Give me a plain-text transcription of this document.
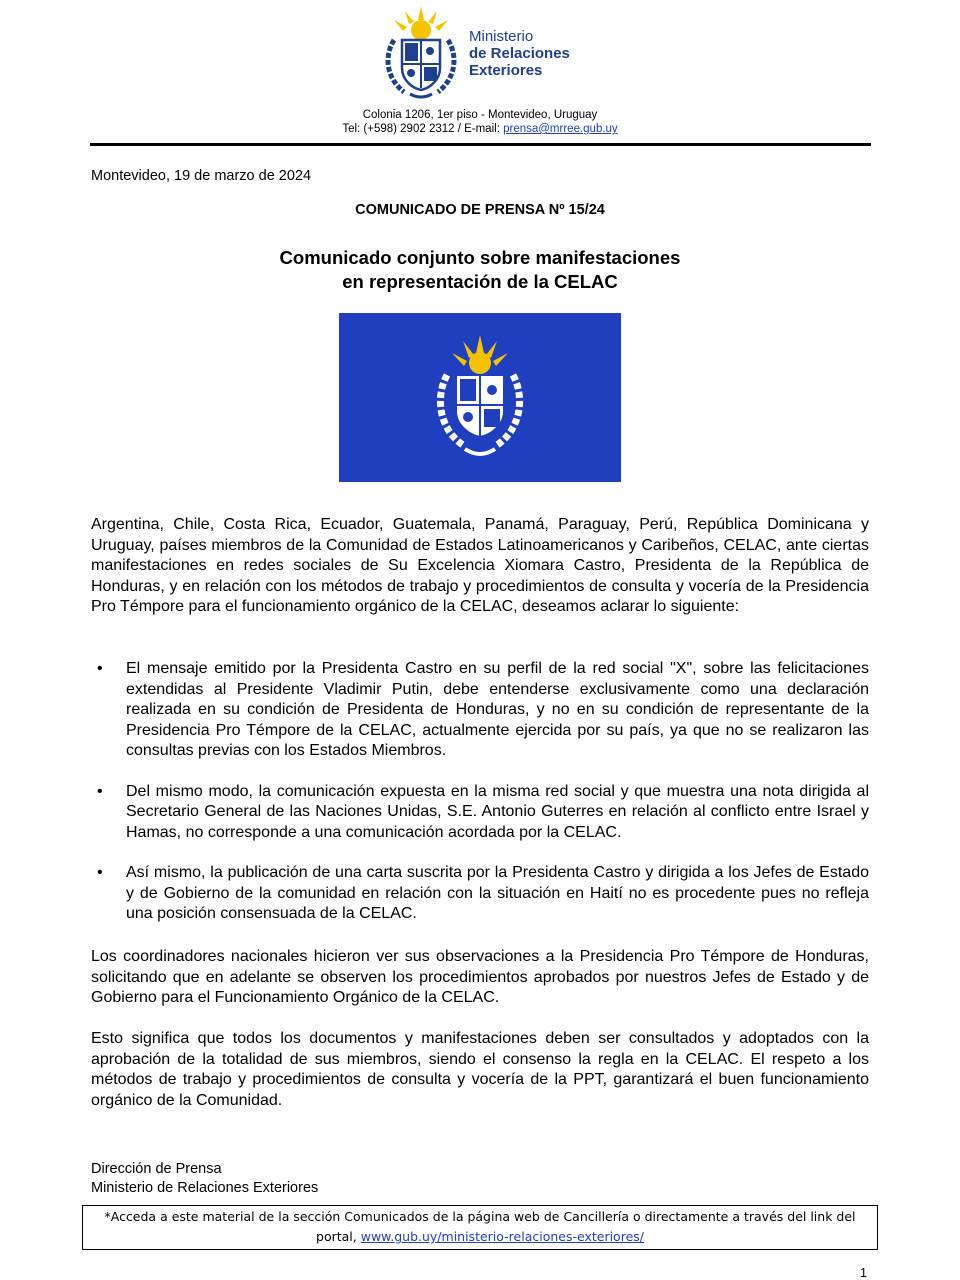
Ministerio
de Relaciones
Exteriores
Colonia 1206, 1er piso - Montevideo, Uruguay
Tel: (+598) 2902 2312 / E-mail: prensa@mrree.gub.uy
Montevideo, 19 de marzo de 2024
COMUNICADO DE PRENSA Nº 15/24
Comunicado conjunto sobre manifestaciones
en representación de la CELAC
Argentina, Chile, Costa Rica, Ecuador, Guatemala, Panamá, Paraguay, Perú, República Dominicana y Uruguay, países miembros de la Comunidad de Estados Latinoamericanos y Caribeños, CELAC, ante ciertas manifestaciones en redes sociales de Su Excelencia Xiomara Castro, Presidenta de la República de Honduras, y en relación con los métodos de trabajo y procedimientos de consulta y vocería de la Presidencia Pro Témpore para el funcionamiento orgánico de la CELAC, deseamos aclarar lo siguiente:
• El mensaje emitido por la Presidenta Castro en su perfil de la red social "X", sobre las felicitaciones extendidas al Presidente Vladimir Putin, debe entenderse exclusivamente como una declaración realizada en su condición de Presidenta de Honduras, y no en su condición de representante de la Presidencia Pro Témpore de la CELAC, actualmente ejercida por su país, ya que no se realizaron las consultas previas con los Estados Miembros.
• Del mismo modo, la comunicación expuesta en la misma red social y que muestra una nota dirigida al Secretario General de las Naciones Unidas, S.E. Antonio Guterres en relación al conflicto entre Israel y Hamas, no corresponde a una comunicación acordada por la CELAC.
• Así mismo, la publicación de una carta suscrita por la Presidenta Castro y dirigida a los Jefes de Estado y de Gobierno de la comunidad en relación con la situación en Haití no es procedente pues no refleja una posición consensuada de la CELAC.
Los coordinadores nacionales hicieron ver sus observaciones a la Presidencia Pro Témpore de Honduras, solicitando que en adelante se observen los procedimientos aprobados por nuestros Jefes de Estado y de Gobierno para el Funcionamiento Orgánico de la CELAC.
Esto significa que todos los documentos y manifestaciones deben ser consultados y adoptados con la aprobación de la totalidad de sus miembros, siendo el consenso la regla en la CELAC. El respeto a los métodos de trabajo y procedimientos de consulta y vocería de la PPT, garantizará el buen funcionamiento orgánico de la Comunidad.
Dirección de Prensa
Ministerio de Relaciones Exteriores
*Acceda a este material de la sección Comunicados de la página web de Cancillería o directamente a través del link del portal, www.gub.uy/ministerio-relaciones-exteriores/
1
